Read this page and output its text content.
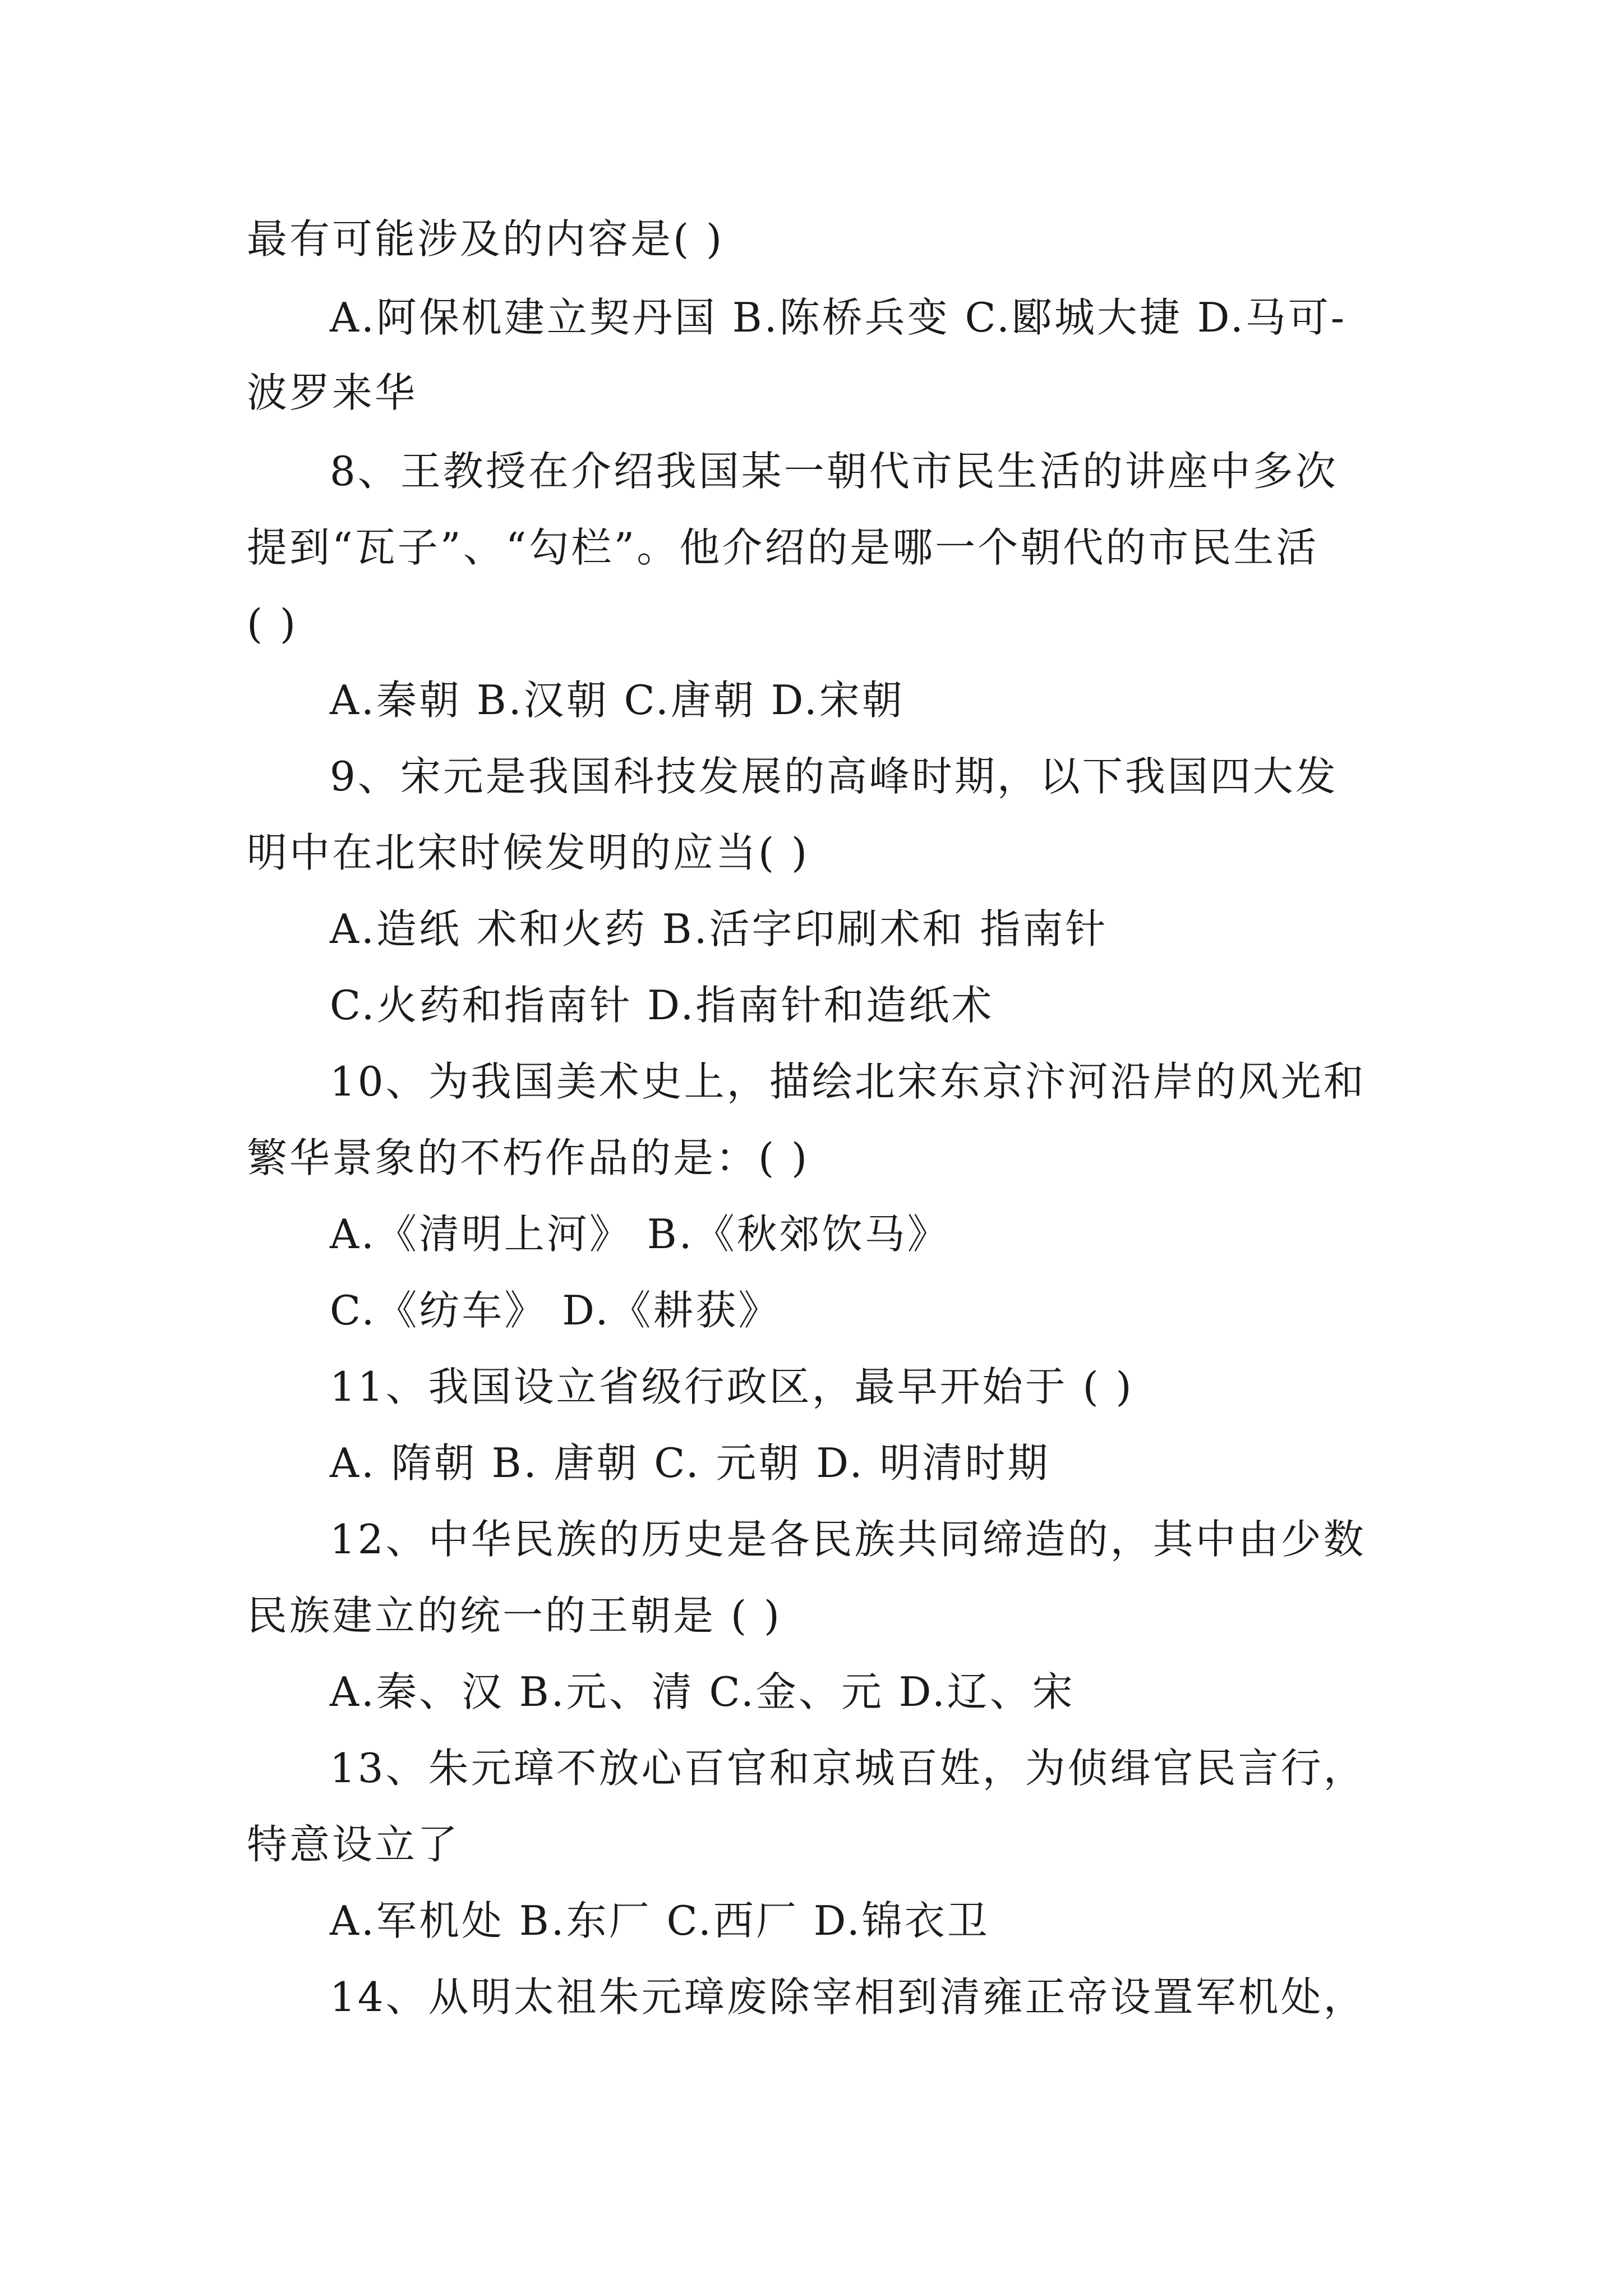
最有可能涉及的内容是( )
A.阿保机建立契丹国 B.陈桥兵变 C.郾城大捷 D.马可-
波罗来华
8、王教授在介绍我国某一朝代市民生活的讲座中多次
提到“瓦子”、“勾栏”。他介绍的是哪一个朝代的市民生活
( )
A.秦朝 B.汉朝 C.唐朝 D.宋朝
9、宋元是我国科技发展的高峰时期，以下我国四大发
明中在北宋时候发明的应当( )
A.造纸 术和火药 B.活字印刷术和 指南针
C.火药和指南针 D.指南针和造纸术
10、为我国美术史上，描绘北宋东京汴河沿岸的风光和
繁华景象的不朽作品的是：( )
A.《清明上河》 B.《秋郊饮马》
C.《纺车》 D.《耕获》
11、我国设立省级行政区，最早开始于 ( )
A. 隋朝 B. 唐朝 C. 元朝 D. 明清时期
12、中华民族的历史是各民族共同缔造的，其中由少数
民族建立的统一的王朝是 ( )
A.秦、汉 B.元、清 C.金、元 D.辽、宋
13、朱元璋不放心百官和京城百姓，为侦缉官民言行，
特意设立了
A.军机处 B.东厂 C.西厂 D.锦衣卫
14、从明太祖朱元璋废除宰相到清雍正帝设置军机处，
